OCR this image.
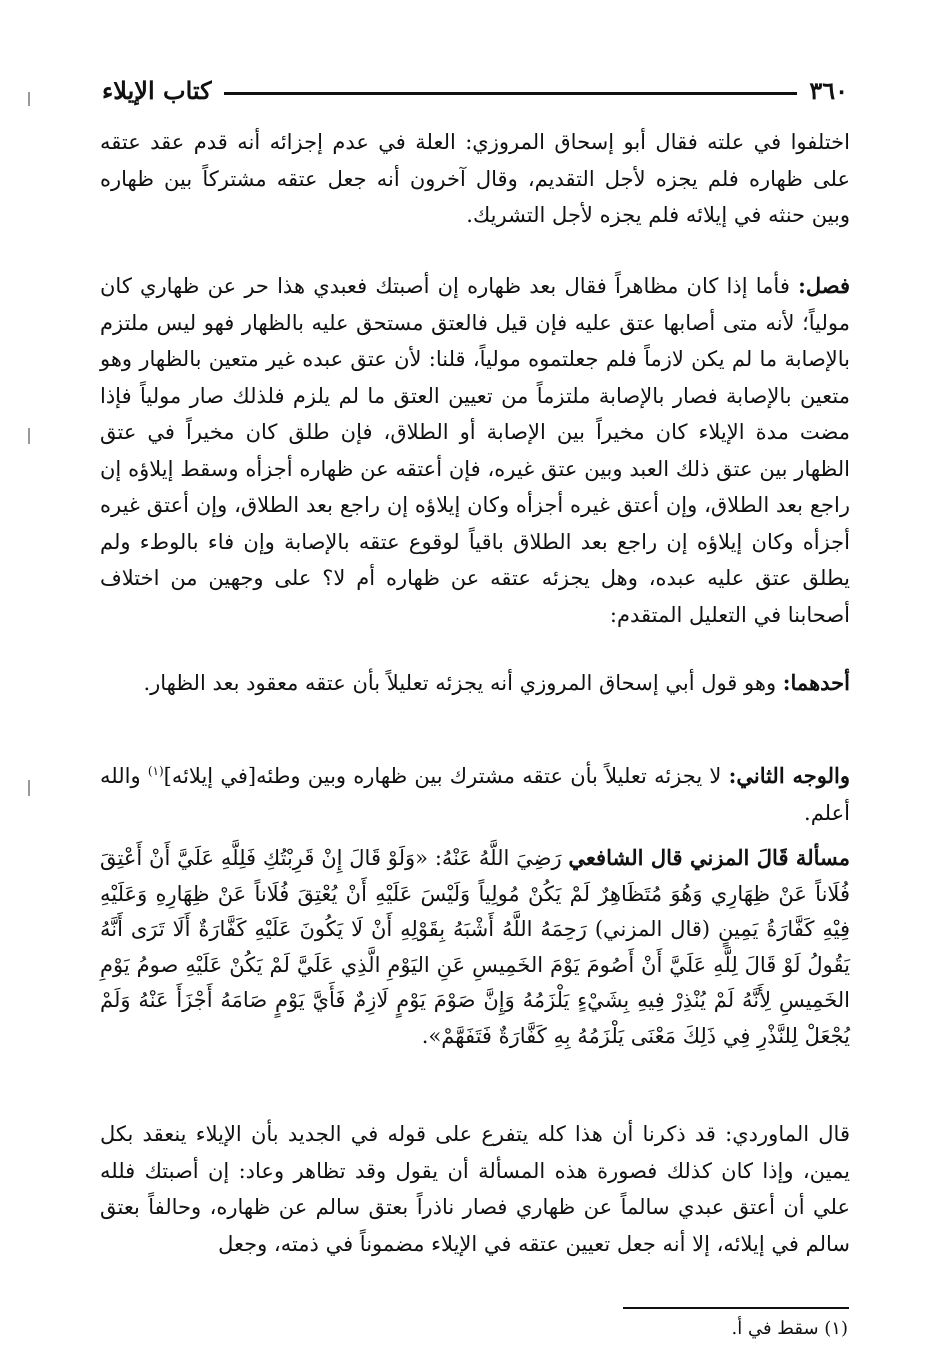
٣٦٠
كتاب الإيلاء
اختلفوا في علته فقال أبو إسحاق المروزي: العلة في عدم إجزائه أنه قدم عقد عتقه على ظهاره فلم يجزه لأجل التقديم، وقال آخرون أنه جعل عتقه مشتركاً بين ظهاره وبين حنثه في إيلائه فلم يجزه لأجل التشريك.
فصل: فأما إذا كان مظاهراً فقال بعد ظهاره إن أصبتك فعبدي هذا حر عن ظهاري كان مولياً؛ لأنه متى أصابها عتق عليه فإن قيل فالعتق مستحق عليه بالظهار فهو ليس ملتزم بالإصابة ما لم يكن لازماً فلم جعلتموه مولياً، قلنا: لأن عتق عبده غير متعين بالظهار وهو متعين بالإصابة فصار بالإصابة ملتزماً من تعيين العتق ما لم يلزم فلذلك صار مولياً فإذا مضت مدة الإيلاء كان مخيراً بين الإصابة أو الطلاق، فإن طلق كان مخيراً في عتق الظهار بين عتق ذلك العبد وبين عتق غيره، فإن أعتقه عن ظهاره أجزأه وسقط إيلاؤه إن راجع بعد الطلاق، وإن أعتق غيره أجزأه وكان إيلاؤه إن راجع بعد الطلاق، وإن أعتق غيره أجزأه وكان إيلاؤه إن راجع بعد الطلاق باقياً لوقوع عتقه بالإصابة وإن فاء بالوطء ولم يطلق عتق عليه عبده، وهل يجزئه عتقه عن ظهاره أم لا؟ على وجهين من اختلاف أصحابنا في التعليل المتقدم:
أحدهما: وهو قول أبي إسحاق المروزي أنه يجزئه تعليلاً بأن عتقه معقود بعد الظهار.
والوجه الثاني: لا يجزئه تعليلاً بأن عتقه مشترك بين ظهاره وبين وطئه[في إيلائه]$^{(١)}$ والله أعلم.
مسألة قَالَ المزني قال الشافعي رَضِيَ اللَّهُ عَنْهُ: «وَلَوْ قَالَ إِنْ قَرِبْتُكِ فَلِلَّهِ عَلَيَّ أَنْ أَعْتِقَ فُلَاناً عَنْ ظِهَارِي وَهُوَ مُتَظَاهِرٌ لَمْ يَكُنْ مُولِياً وَلَيْسَ عَلَيْهِ أَنْ يُعْتِقَ فُلَاناً عَنْ ظِهَارِهِ وَعَلَيْهِ فِيْهِ كَفَّارَةُ يَمِينٍ (قال المزني) رَحِمَهُ اللَّهُ أَشْبَهُ بِقَوْلِهِ أَنْ لَا يَكُونَ عَلَيْهِ كَفَّارَةٌ أَلَا تَرَى أَنَّهُ يَقُولُ لَوْ قَالَ لِلَّهِ عَلَيَّ أَنْ أَصُومَ يَوْمَ الخَمِيسِ عَنِ اليَوْمِ الَّذِي عَلَيَّ لَمْ يَكُنْ عَلَيْهِ صومُ يَوْمِ الخَمِيسِ لِأَنَّهُ لَمْ يُنْذِرْ فِيهِ بِشَيْءٍ يَلْزَمُهُ وَإِنَّ صَوْمَ يَوْمٍ لَازِمٌ فَأَيَّ يَوْمٍ صَامَهُ أَجْزَأَ عَنْهُ وَلَمْ يُجْعَلْ لِلنَّذْرِ فِي ذَلِكَ مَعْنَى يَلْزَمُهُ بِهِ كَفَّارَةٌ فَتَفَهَّمْ».
قال الماوردي: قد ذكرنا أن هذا كله يتفرع على قوله في الجديد بأن الإيلاء ينعقد بكل يمين، وإذا كان كذلك فصورة هذه المسألة أن يقول وقد تظاهر وعاد: إن أصبتك فلله علي أن أعتق عبدي سالماً عن ظهاري فصار ناذراً بعتق سالم عن ظهاره، وحالفاً بعتق سالم في إيلائه، إلا أنه جعل تعيين عتقه في الإيلاء مضموناً في ذمته، وجعل
(١) سقط في أ.
